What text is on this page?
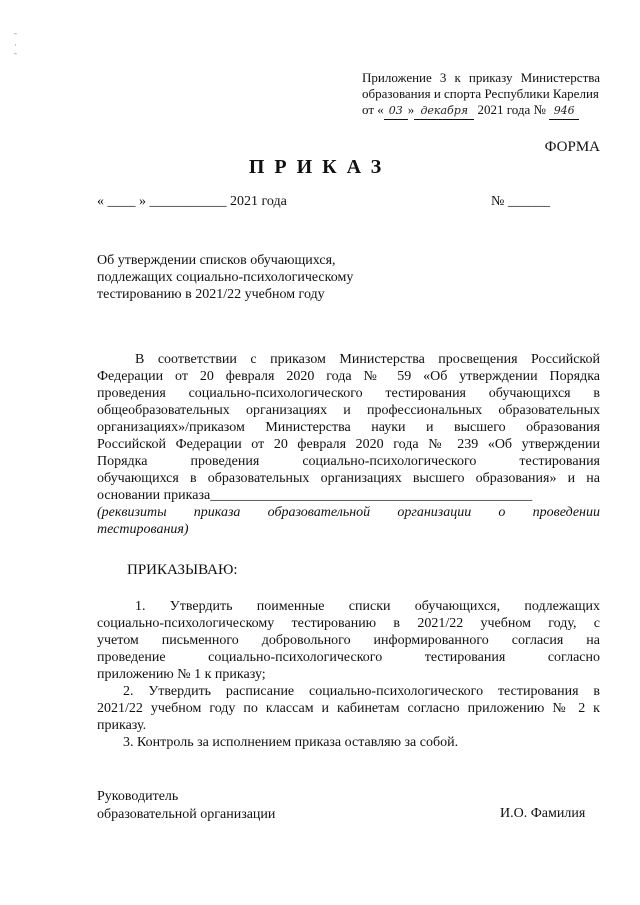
-
·
-
Приложение 3 к приказу Министерства
образования и спорта Республики Карелия
от « 03 » декабря 2021 года № 946
ФОРМА
ПРИКАЗ
« ____ » ___________ 2021 года	№ ______
Об утверждении списков обучающихся,
подлежащих социально-психологическому
тестированию в 2021/22 учебном году
В соответствии с приказом Министерства просвещения Российской
Федерации от 20 февраля 2020 года № 59 «Об утверждении Порядка
проведения социально-психологического тестирования обучающихся в
общеобразовательных организациях и профессиональных образовательных
организациях»/приказом Министерства науки и высшего образования
Российской Федерации от 20 февраля 2020 года № 239 «Об утверждении
Порядка проведения социально-психологического тестирования
обучающихся в образовательных организациях высшего образования» и на
основании приказа______________________________________________
(реквизиты приказа образовательной организации о проведении
тестирования)
ПРИКАЗЫВАЮ:
1. Утвердить поименные списки обучающихся, подлежащих
социально-психологическому тестированию в 2021/22 учебном году, с
учетом письменного добровольного информированного согласия на
проведение социально-психологического тестирования согласно
приложению № 1 к приказу;
2. Утвердить расписание социально-психологического тестирования в
2021/22 учебном году по классам и кабинетам согласно приложению № 2 к
приказу.
3. Контроль за исполнением приказа оставляю за собой.
Руководитель
образовательной организации	И.О. Фамилия
